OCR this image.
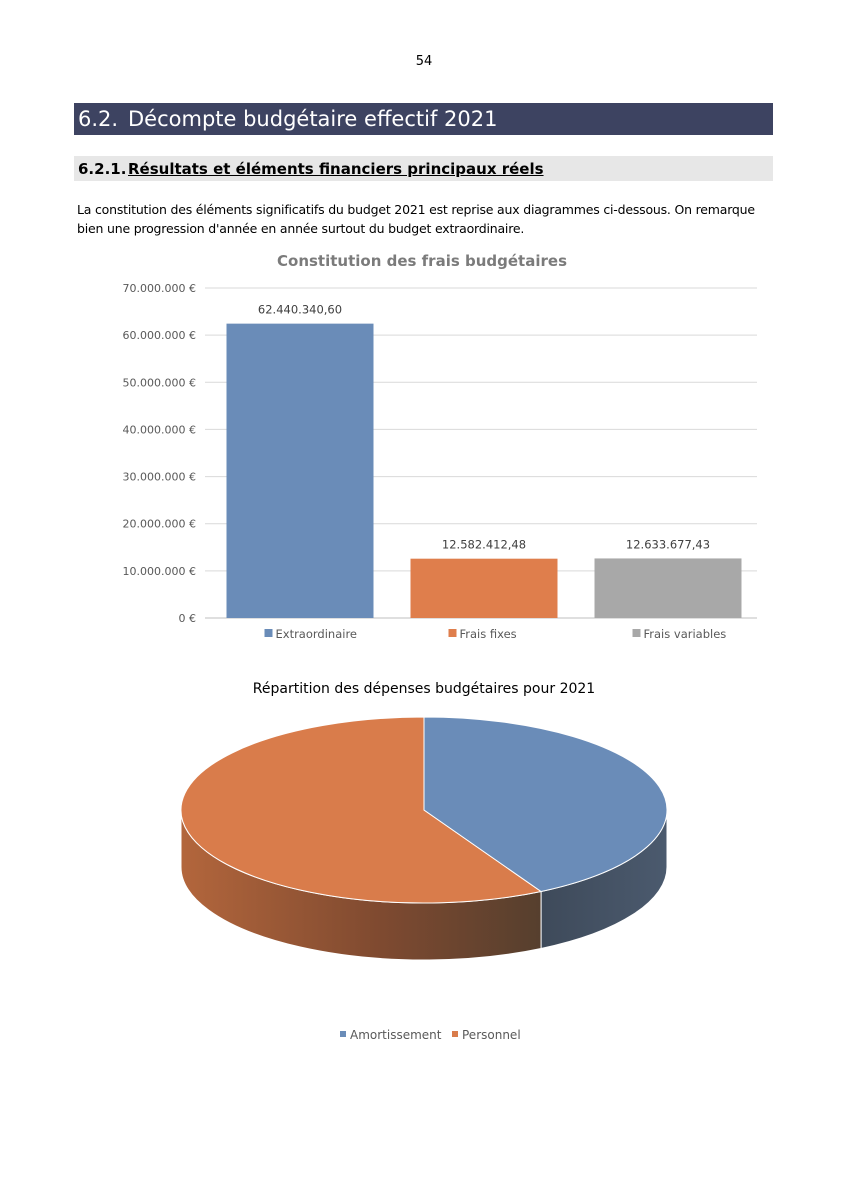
54
6.2. Décompte budgétaire effectif 2021
6.2.1. Résultats et éléments financiers principaux réels

La constitution des éléments significatifs du budget 2021 est reprise aux diagrammes ci-dessous. On remarque bien une progression d'année en année surtout du budget extraordinaire.

Constitution des frais budgétaires
0 €
10.000.000 €
20.000.000 €
30.000.000 €
40.000.000 €
50.000.000 €
60.000.000 €
70.000.000 €
62.440.340,60
12.582.412,48	12.633.677,43
Extraordinaire	Frais fixes	Frais variables
Répartition des dépenses budgétaires pour 2021
Amortissement Personnel
